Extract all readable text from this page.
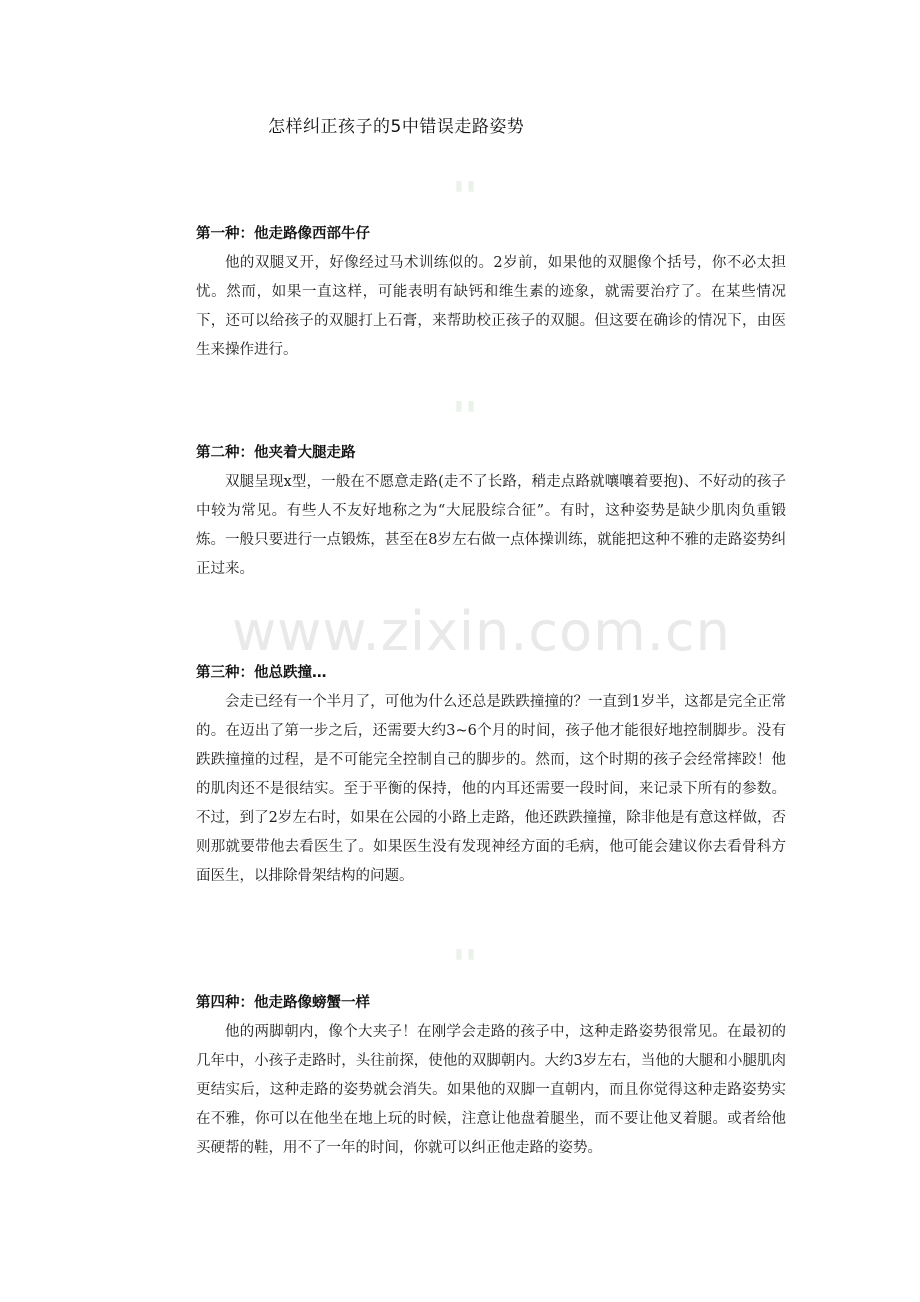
怎样纠正孩子的5中错误走路姿势
▮ ▮
▮ ▮
▮ ▮
www.zixin.com.cn
第一种：他走路像西部牛仔

他的双腿叉开，好像经过马术训练似的。2岁前，如果他的双腿像个括号，你不必太担忧。然而，如果一直这样，可能表明有缺钙和维生素的迹象，就需要治疗了。在某些情况下，还可以给孩子的双腿打上石膏，来帮助校正孩子的双腿。但这要在确诊的情况下，由医生来操作进行。

第二种：他夹着大腿走路

双腿呈现x型，一般在不愿意走路(走不了长路，稍走点路就嚷嚷着要抱)、不好动的孩子中较为常见。有些人不友好地称之为“大屁股综合征”。有时，这种姿势是缺少肌肉负重锻炼。一般只要进行一点锻炼，甚至在8岁左右做一点体操训练，就能把这种不雅的走路姿势纠正过来。

第三种：他总跌撞…

会走已经有一个半月了，可他为什么还总是跌跌撞撞的？一直到1岁半，这都是完全正常的。在迈出了第一步之后，还需要大约3~6个月的时间，孩子他才能很好地控制脚步。没有跌跌撞撞的过程，是不可能完全控制自己的脚步的。然而，这个时期的孩子会经常摔跤！他的肌肉还不是很结实。至于平衡的保持，他的内耳还需要一段时间，来记录下所有的参数。不过，到了2岁左右时，如果在公园的小路上走路，他还跌跌撞撞，除非他是有意这样做，否则那就要带他去看医生了。如果医生没有发现神经方面的毛病，他可能会建议你去看骨科方面医生，以排除骨架结构的问题。

第四种：他走路像螃蟹一样

他的两脚朝内，像个大夹子！在刚学会走路的孩子中，这种走路姿势很常见。在最初的几年中，小孩子走路时，头往前探，使他的双脚朝内。大约3岁左右，当他的大腿和小腿肌肉更结实后，这种走路的姿势就会消失。如果他的双脚一直朝内，而且你觉得这种走路姿势实在不雅，你可以在他坐在地上玩的时候，注意让他盘着腿坐，而不要让他叉着腿。或者给他买硬帮的鞋，用不了一年的时间，你就可以纠正他走路的姿势。
